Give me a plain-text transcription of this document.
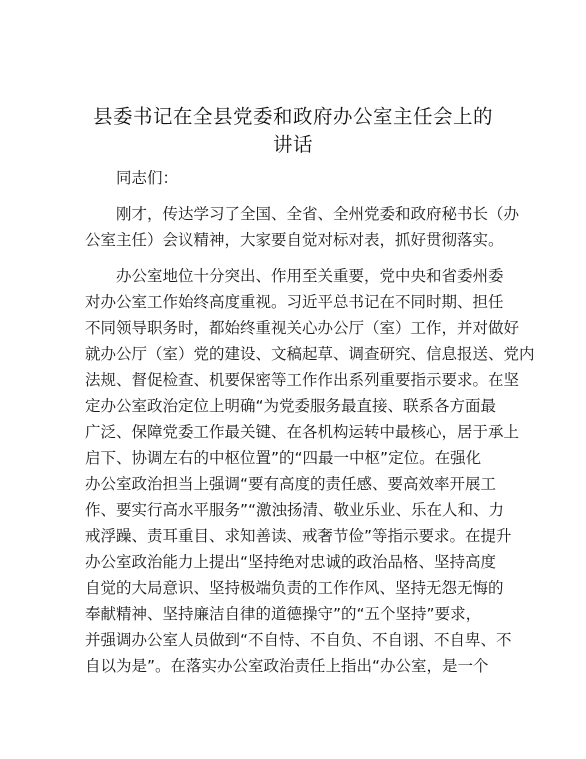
县委书记在全县党委和政府办公室主任会上的
讲话
同志们：
刚才，传达学习了全国、全省、全州党委和政府秘书长（办
公室主任）会议精神，大家要自觉对标对表，抓好贯彻落实。
办公室地位十分突出、作用至关重要，党中央和省委州委
对办公室工作始终高度重视。习近平总书记在不同时期、担任
不同领导职务时，都始终重视关心办公厅（室）工作，并对做好
就办公厅（室）党的建设、文稿起草、调查研究、信息报送、党内
法规、督促检查、机要保密等工作作出系列重要指示要求。在坚
定办公室政治定位上明确“为党委服务最直接、联系各方面最
广泛、保障党委工作最关键、在各机构运转中最核心，居于承上
启下、协调左右的中枢位置”的“四最一中枢”定位。在强化
办公室政治担当上强调“要有高度的责任感、要高效率开展工
作、要实行高水平服务”“激浊扬清、敬业乐业、乐在人和、力
戒浮躁、责耳重目、求知善读、戒奢节俭”等指示要求。在提升
办公室政治能力上提出“坚持绝对忠诚的政治品格、坚持高度
自觉的大局意识、坚持极端负责的工作作风、坚持无怨无悔的
奉献精神、坚持廉洁自律的道德操守”的“五个坚持”要求，
并强调办公室人员做到“不自恃、不自负、不自诩、不自卑、不
自以为是”。在落实办公室政治责任上指出“办公室，是一个
